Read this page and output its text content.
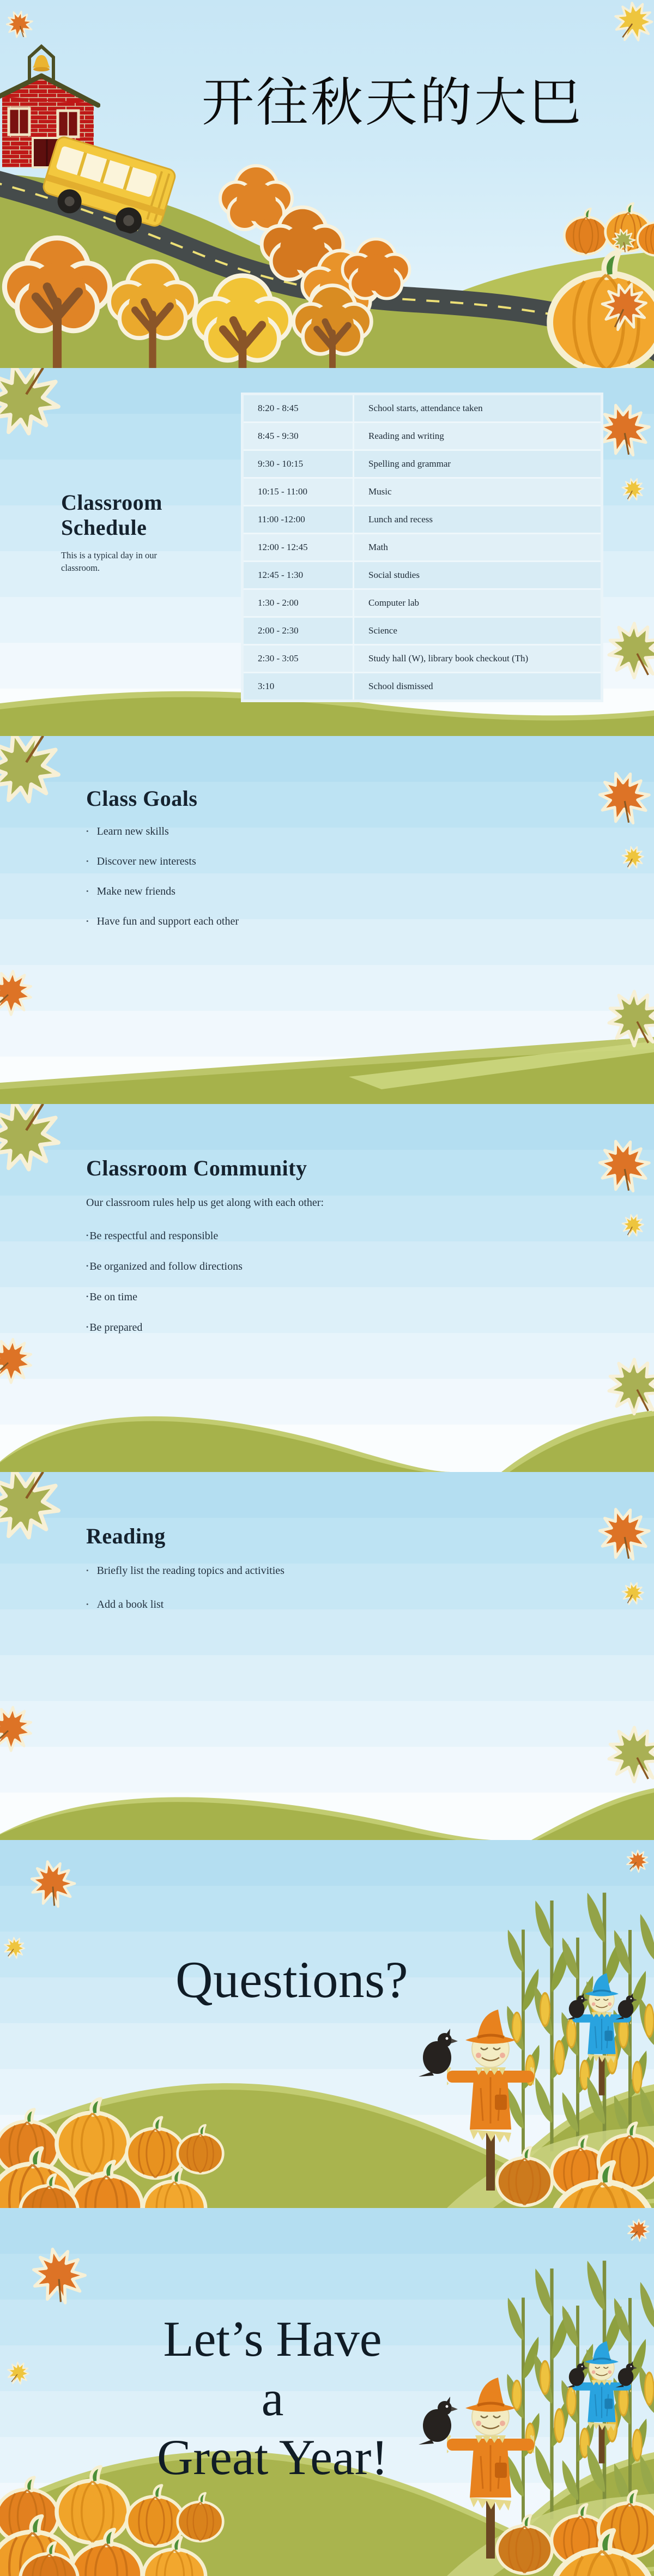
开往秋天的大巴
Classroom Schedule
This is a typical day in our classroom.
8:20 - 8:45	School starts, attendance taken
8:45 - 9:30	Reading and writing
9:30 - 10:15	Spelling and grammar
10:15 - 11:00	Music
11:00 -12:00	Lunch and recess
12:00 - 12:45	Math
12:45 - 1:30	Social studies
1:30 - 2:00	Computer lab
2:00 - 2:30	Science
2:30 - 3:05	Study hall (W), library book checkout (Th)
3:10	School dismissed
Class Goals
• Learn new skills
• Discover new interests
• Make new friends
• Have fun and support each other
Classroom Community
Our classroom rules help us get along with each other:
• Be respectful and responsible
• Be organized and follow directions
• Be on time
• Be prepared
Reading
• Briefly list the reading topics and activities
• Add a book list
Questions?
Let’s Have a
Great Year!
